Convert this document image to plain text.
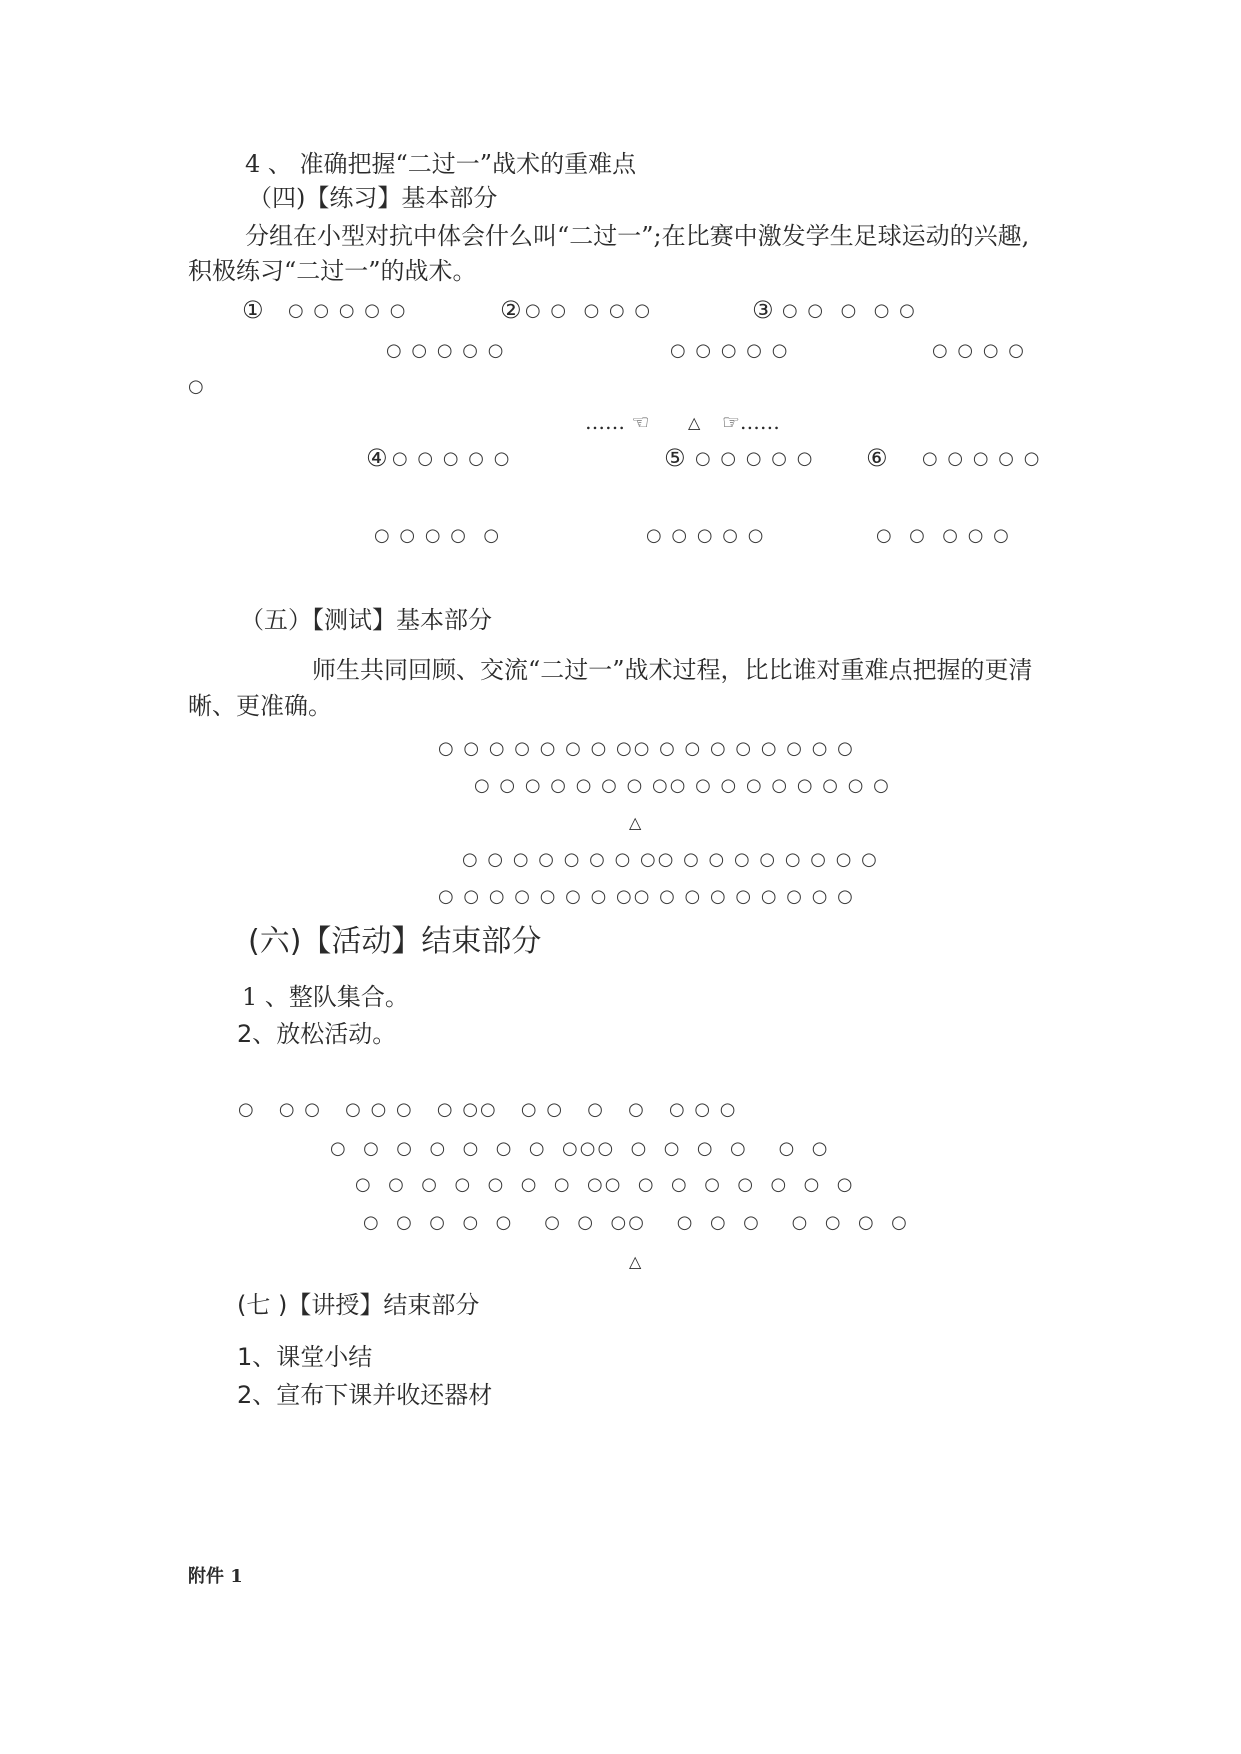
4 、 准确把握“二过一”战术的重难点
（四)【练习】基本部分
分组在小型对抗中体会什么叫“二过一”;在比赛中激发学生足球运动的兴趣,
积极练习“二过一”的战术。
① ○ ○ ○ ○ ○
○ ○ ○ ○ ○
② ○ ○  ○ ○ ○
○ ○ ○ ○ ○
③ ○ ○  ○  ○ ○
○ ○ ○ ○
○
…… ☜ △ ☞……
④ ○ ○ ○ ○ ○
○ ○ ○ ○  ○
⑤ ○ ○ ○ ○ ○
○ ○ ○ ○ ○
⑥ ○ ○ ○ ○ ○
○  ○  ○ ○ ○
（五）【测试】基本部分
师生共同回顾、交流“二过一”战术过程，比比谁对重难点把握的更清
晰、更准确。
○ ○ ○ ○ ○ ○ ○ ○○ ○ ○ ○ ○ ○ ○ ○ ○
○ ○ ○ ○ ○ ○ ○ ○○ ○ ○ ○ ○ ○ ○ ○ ○
△
○ ○ ○ ○ ○ ○ ○ ○○ ○ ○ ○ ○ ○ ○ ○ ○
○ ○ ○ ○ ○ ○ ○ ○○ ○ ○ ○ ○ ○ ○ ○ ○
(六)【活动】结束部分
1 、整队集合。
2、放松活动。
○   ○ ○   ○ ○ ○   ○ ○○   ○ ○   ○   ○   ○ ○ ○
○  ○  ○  ○  ○  ○  ○  ○○○  ○  ○  ○  ○    ○  ○
○  ○  ○  ○  ○  ○  ○  ○○  ○  ○  ○  ○  ○  ○  ○
○  ○  ○  ○  ○    ○  ○  ○○    ○  ○  ○    ○  ○  ○  ○
△
(七 )【讲授】结束部分
1、课堂小结
2、宣布下课并收还器材
附件 1
